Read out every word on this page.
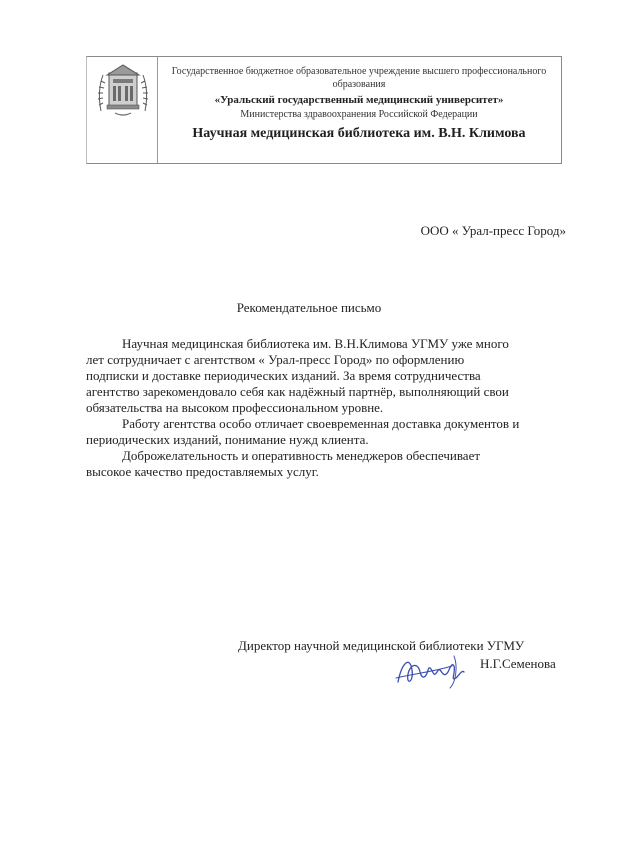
Государственное бюджетное образовательное учреждение высшего профессионального
образования
«Уральский государственный медицинский университет»
Министерства здравоохранения Российской Федерации
Научная медицинская библиотека им. В.Н. Климова
ООО « Урал-пресс Город»
Рекомендательное письмо

Научная медицинская библиотека им. В.Н.Климова УГМУ уже много
лет сотрудничает с агентством « Урал-пресс Город» по оформлению
подписки и доставке периодических изданий. За время сотрудничества
агентство зарекомендовало себя как надёжный партнёр, выполняющий свои
обязательства на высоком профессиональном уровне.

Работу агентства особо отличает своевременная доставка документов и
периодических изданий, понимание нужд клиента.

Доброжелательность и оперативность менеджеров обеспечивает
высокое качество предоставляемых услуг.

Директор научной медицинской библиотеки УГМУ
Н.Г.Семенова
